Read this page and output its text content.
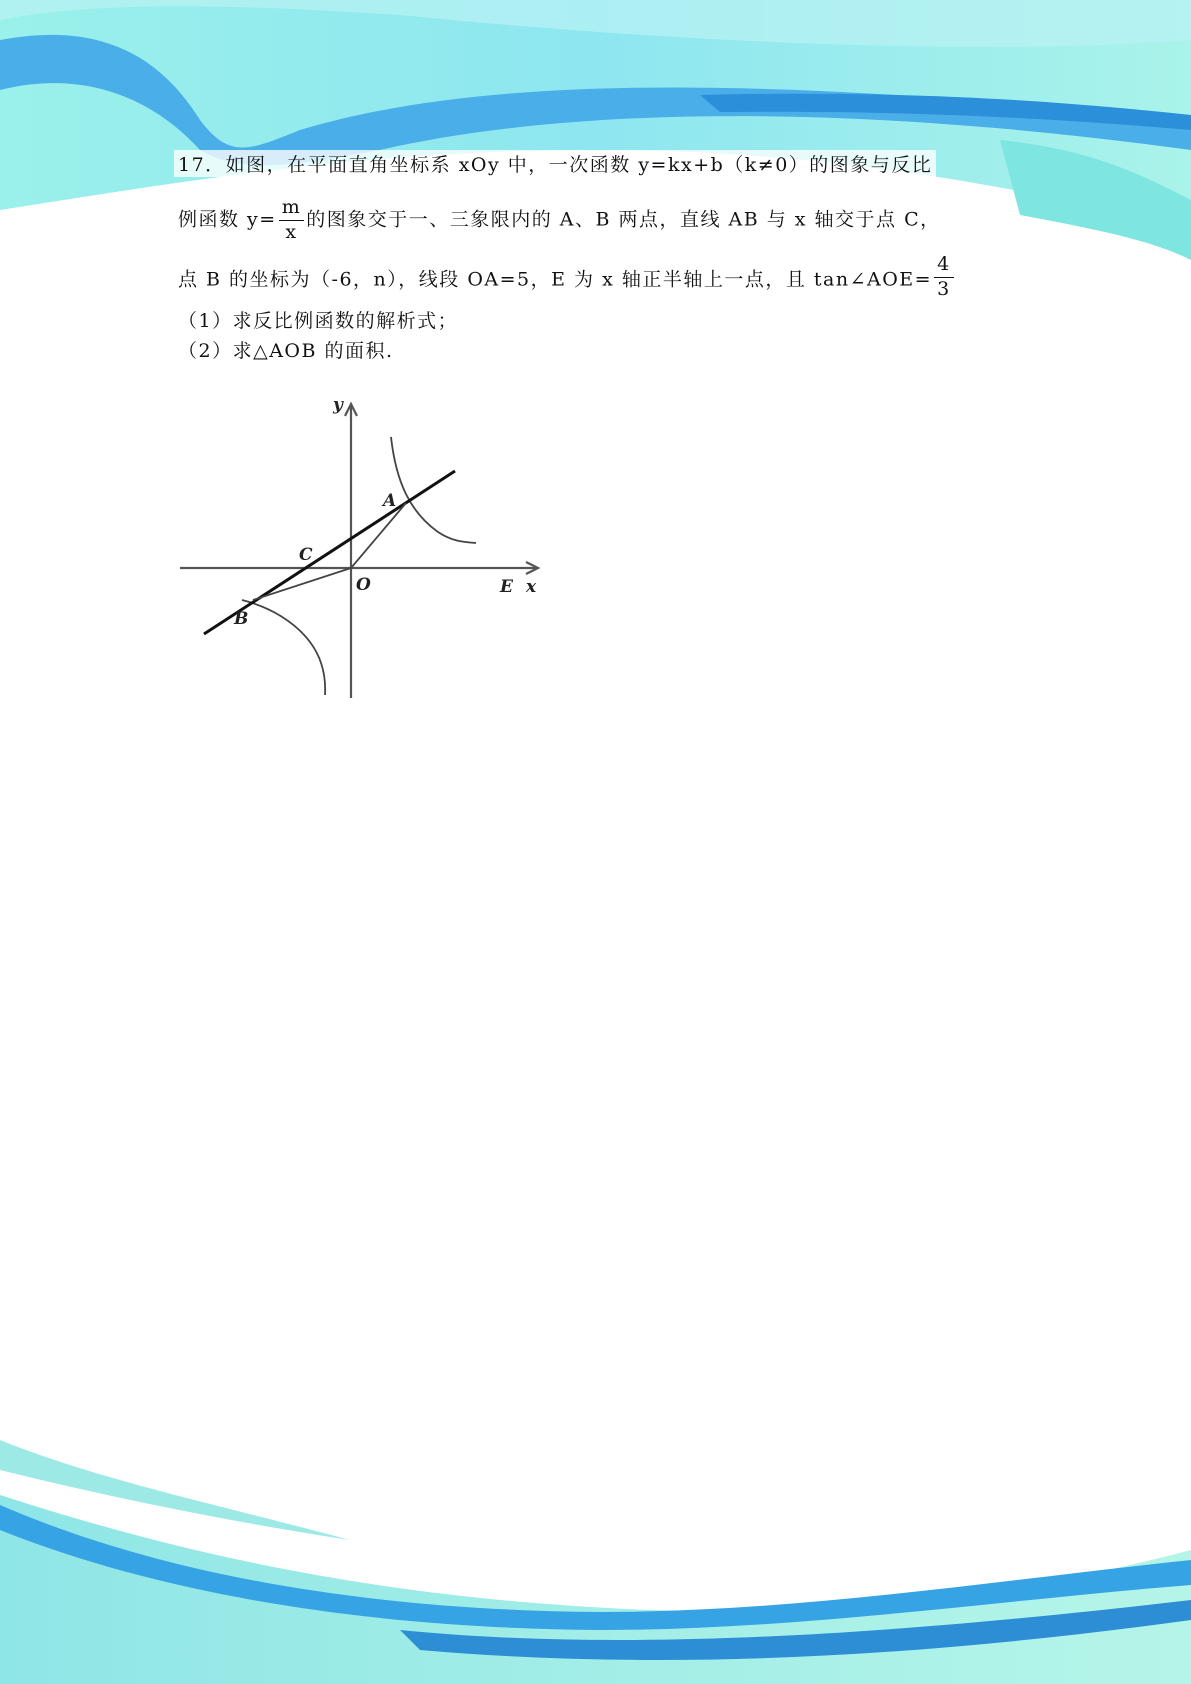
17．如图，在平面直角坐标系 xOy 中，一次函数 y=kx+b（k≠0）的图象与反比
例函数 $y= \frac{m}{x}$ 的图象交于一、三象限内的 A、B 两点，直线 AB 与 x 轴交于点 C，
点 B 的坐标为（-6，n），线段 OA=5，E 为 x 轴正半轴上一点，且 tan∠AOE= $\frac{4}{3}$
（1）求反比例函数的解析式；
（2）求△AOB 的面积.
y
x
A
B
C
O	E
